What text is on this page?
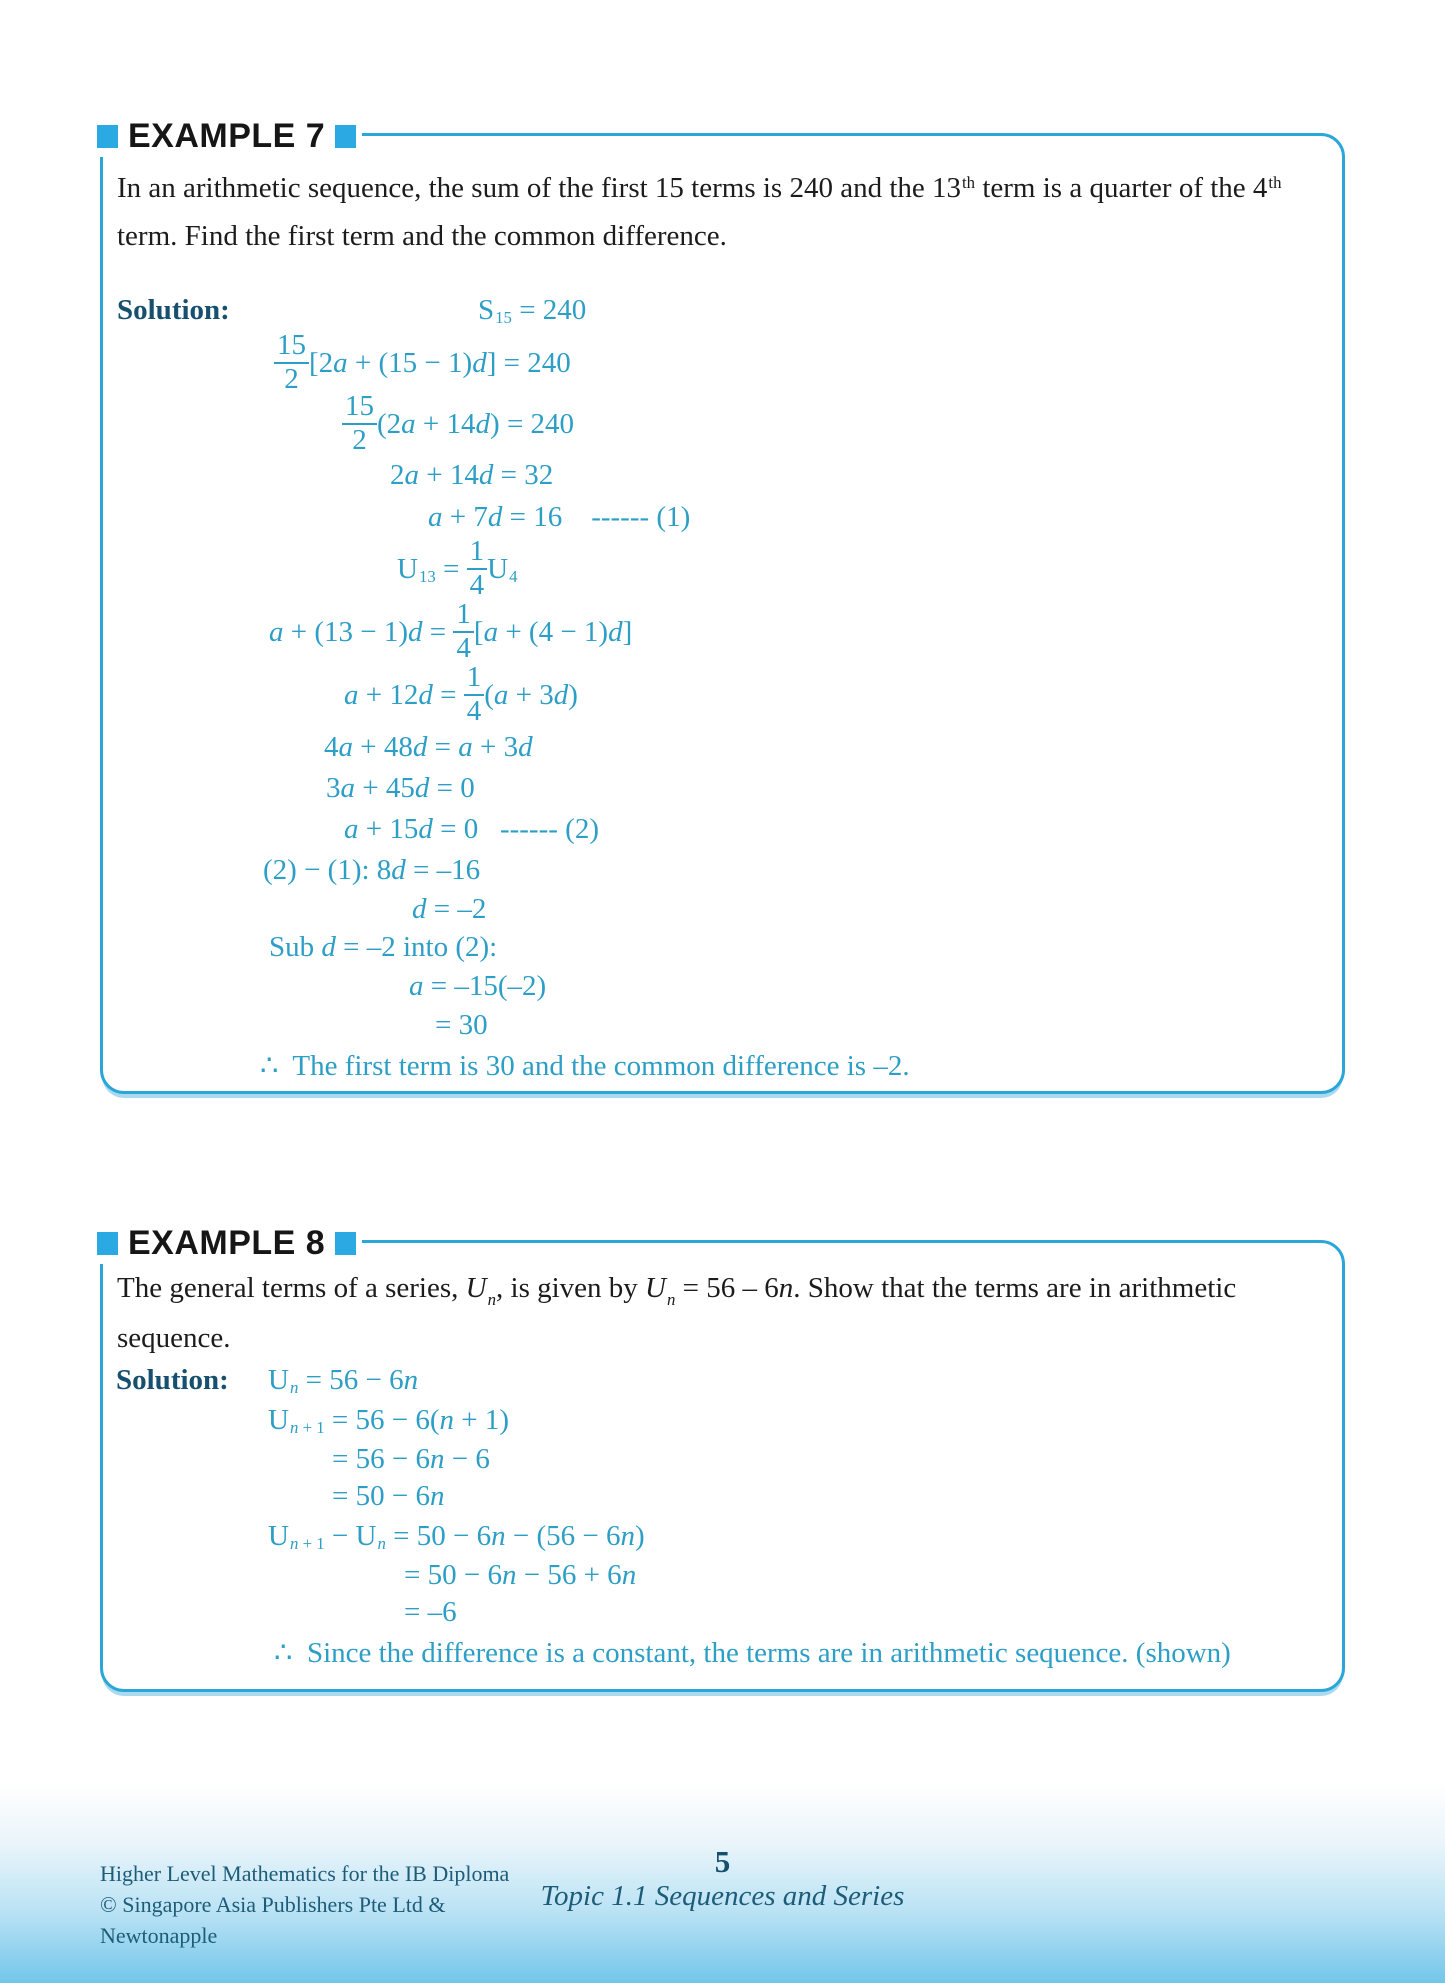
EXAMPLE 7

In an arithmetic sequence, the sum of the first 15 terms is 240 and the 13th term is a quarter of the 4th term. Find the first term and the common difference.

Solution:	S 15 = 240
$\frac{15}{2} [2$ a + (15 − 1) d ] = 240
$\frac{15}{2} (2$ a + 14 d ) = 240
2 a + 14 d = 32
a + 7 d = 16    ------ (1)
U $13 = \frac{1}{4}$ U 4
a + (13 − 1) $d = \frac{1}{4}$ [ a + (4 − 1) d ]
a + 12 $d = \frac{1}{4}$ ( a + 3 d )
4 a + 48 d = a + 3 d
3 a + 45 d = 0
a + 15 d = 0   ------ (2)
(2) − (1): 8 d = –16
d = –2
Sub d = –2 into (2):
a = –15(–2)
= 30
∴  The first term is 30 and the common difference is –2.
EXAMPLE 8

The general terms of a series, $U_n$, is given by $U_n = 56 - 6n$. Show that the terms are in arithmetic sequence.

Solution: U n = 56 − 6 n
U n + 1 = 56 − 6( n + 1)
= 56 − 6 n − 6
= 50 − 6 n
U n + 1 − U n = 50 − 6 n − (56 − 6 n )
= 50 − 6 n − 56 + 6 n
= –6
∴  Since the difference is a constant, the terms are in arithmetic sequence. (shown)
Higher Level Mathematics for the IB Diploma
© Singapore Asia Publishers Pte Ltd &
Newtonapple
5
Topic 1.1 Sequences and Series
